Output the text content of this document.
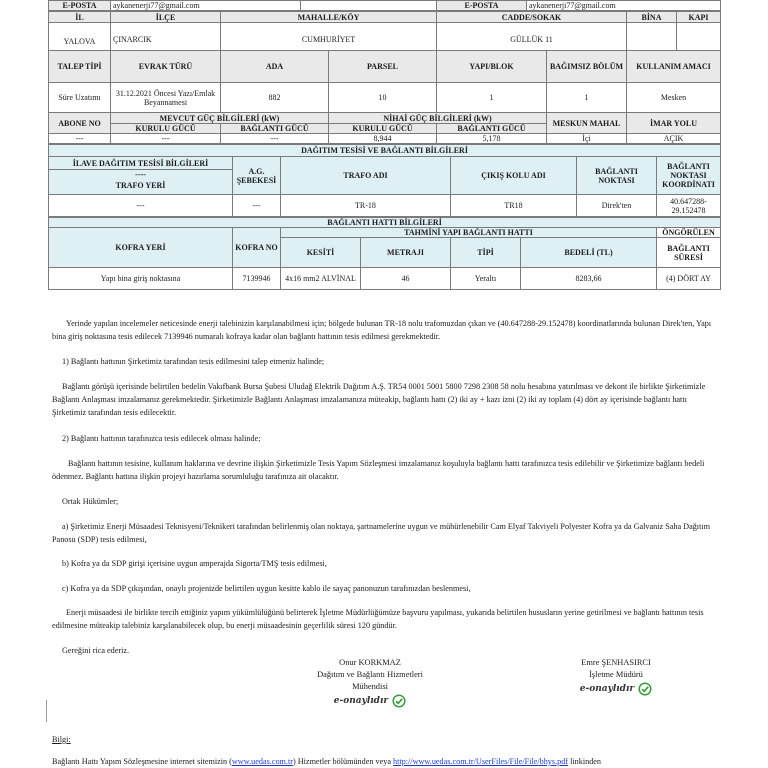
E-POSTA	aykanenerji77@gmail.com		E-POSTA	aykanenerji77@gmail.com
İL	İLÇE	MAHALLE/KÖY	CADDE/SOKAK	BİNA	KAPI
YALOVA	ÇINARCIK	CUMHURİYET	GÜLLÜK 11		
TALEP TİPİ	EVRAK TÜRÜ	ADA	PARSEL	YAPI/BLOK	BAĞIMSIZ BÖLÜM	KULLANIM AMACI
Süre Uzatımı	31.12.2021 Öncesi Yazı/Emlak Beyannamesi	882	10	1	1	Mesken
ABONE NO	MEVCUT GÜÇ BİLGİLERİ (kW)		NİHAİ GÜÇ BİLGİLERİ (kW)		MESKUN MAHAL	İMAR YOLU
	KURULU GÜCÜ	BAĞLANTI GÜCÜ	KURULU GÜCÜ	BAĞLANTI GÜCÜ		
---	---	---	8,944	5,178	İçi	AÇIK
DAĞITIM TESİSİ VE BAĞLANTI BİLGİLERİ					

İLAVE DAĞITIM TESİSİ BİLGİLERİ
----
TRAFO YERİ	A.G. ŞEBEKESİ	TRAFO ADI	ÇIKIŞ KOLU ADI	BAĞLANTI NOKTASI	BAĞLANTI NOKTASI KOORDİNATI
---	---	TR-18	TR18	Direk'ten	40.647288-29.152478
BAĞLANTI HATTI BİLGİLERİ						
KOFRA YERİ	KOFRA NO	TAHMİNİ YAPI BAĞLANTI HATTI				ÖNGÖRÜLEN
		KESİTİ	METRAJI	TİPİ	BEDELİ (TL)	BAĞLANTI SÜRESİ
Yapı bina giriş noktasına	7139946	4x16 mm2 ALVİNAL	46	Yeraltı	8283,66	(4) DÖRT AY

Yerinde yapılan incelemeler neticesinde enerji talebinizin karşılanabilmesi için; bölgede bulunan TR-18 nolu trafomuzdan çıkan ve (40.647288-29.152478) koordinatlarında bulunan Direk'ten, Yapı bina giriş noktasına tesis edilecek 7139946 numaralı kofraya kadar olan bağlantı hattının tesis edilmesi gerekmektedir.

1) Bağlantı hattının Şirketimiz tarafından tesis edilmesini talep etmeniz halinde;

Bağlantı görüşü içerisinde belirtilen bedelin Vakıfbank Bursa Şubesi Uludağ Elektrik Dağıtım A.Ş. TR54 0001 5001 5800 7298 2308 58 nolu hesabına yatırılması ve dekont ile birlikte Şirketimizle Bağlantı Anlaşması imzalamanız gerekmektedir. Şirketimizle Bağlantı Anlaşması imzalamanıza müteakip, bağlantı hattı (2) iki ay + kazı izni (2) iki ay toplam (4) dört ay içerisinde bağlantı hattı Şirketimiz tarafından tesis edilecektir.

2) Bağlantı hattının tarafınızca tesis edilecek olması halinde;

Bağlantı hattının tesisine, kullanım haklarına ve devrine ilişkin Şirketimizle Tesis Yapım Sözleşmesi imzalamanız koşuluyla bağlantı hattı tarafınızca tesis edilebilir ve Şirketimize bağlantı bedeli ödenmez. Bağlantı hattına ilişkin projeyi hazırlama sorumluluğu tarafınıza ait olacaktır.

Ortak Hükümler;

a) Şirketimiz Enerji Müsaadesi Teknisyeni/Teknikeri tarafından belirlenmiş olan noktaya, şartnamelerine uygun ve mühürlenebilir Cam Elyaf Takviyeli Polyester Kofra ya da Galvaniz Saha Dağıtım Panosu (SDP) tesis edilmesi,

b) Kofra ya da SDP girişi içerisine uygun amperajda Sigorta/TMŞ tesis edilmesi,

c) Kofra ya da SDP çıkışından, onaylı projenizde belirtilen uygun kesitte kablo ile sayaç panonuzun tarafınızdan beslenmesi,

Enerji müsaadesi ile birlikte tercih ettiğiniz yapım yükümlülüğünü belirterek İşletme Müdürlüğümüze başvuru yapılması, yukarıda belirtilen hususların yerine getirilmesi ve bağlantı hattının tesis edilmesine müteakip talebiniz karşılanabilecek olup, bu enerji müsaadesinin geçerlilik süresi 120 gündür.

Gereğini rica ederiz.

Onur KORKMAZ
Dağıtım ve Bağlantı Hizmetleri
Mühendisi
e-onaylıdır
Emre ŞENHASIRCI
İşletme Müdürü
e-onaylıdır

Bilgi:

Bağlantı Hattı Yapım Sözleşmesine internet sitemizin (www.uedas.com.tr) Hizmetler bölümünden veya http://www.uedas.com.tr/UserFiles/File/File/bhys.pdf linkinden
